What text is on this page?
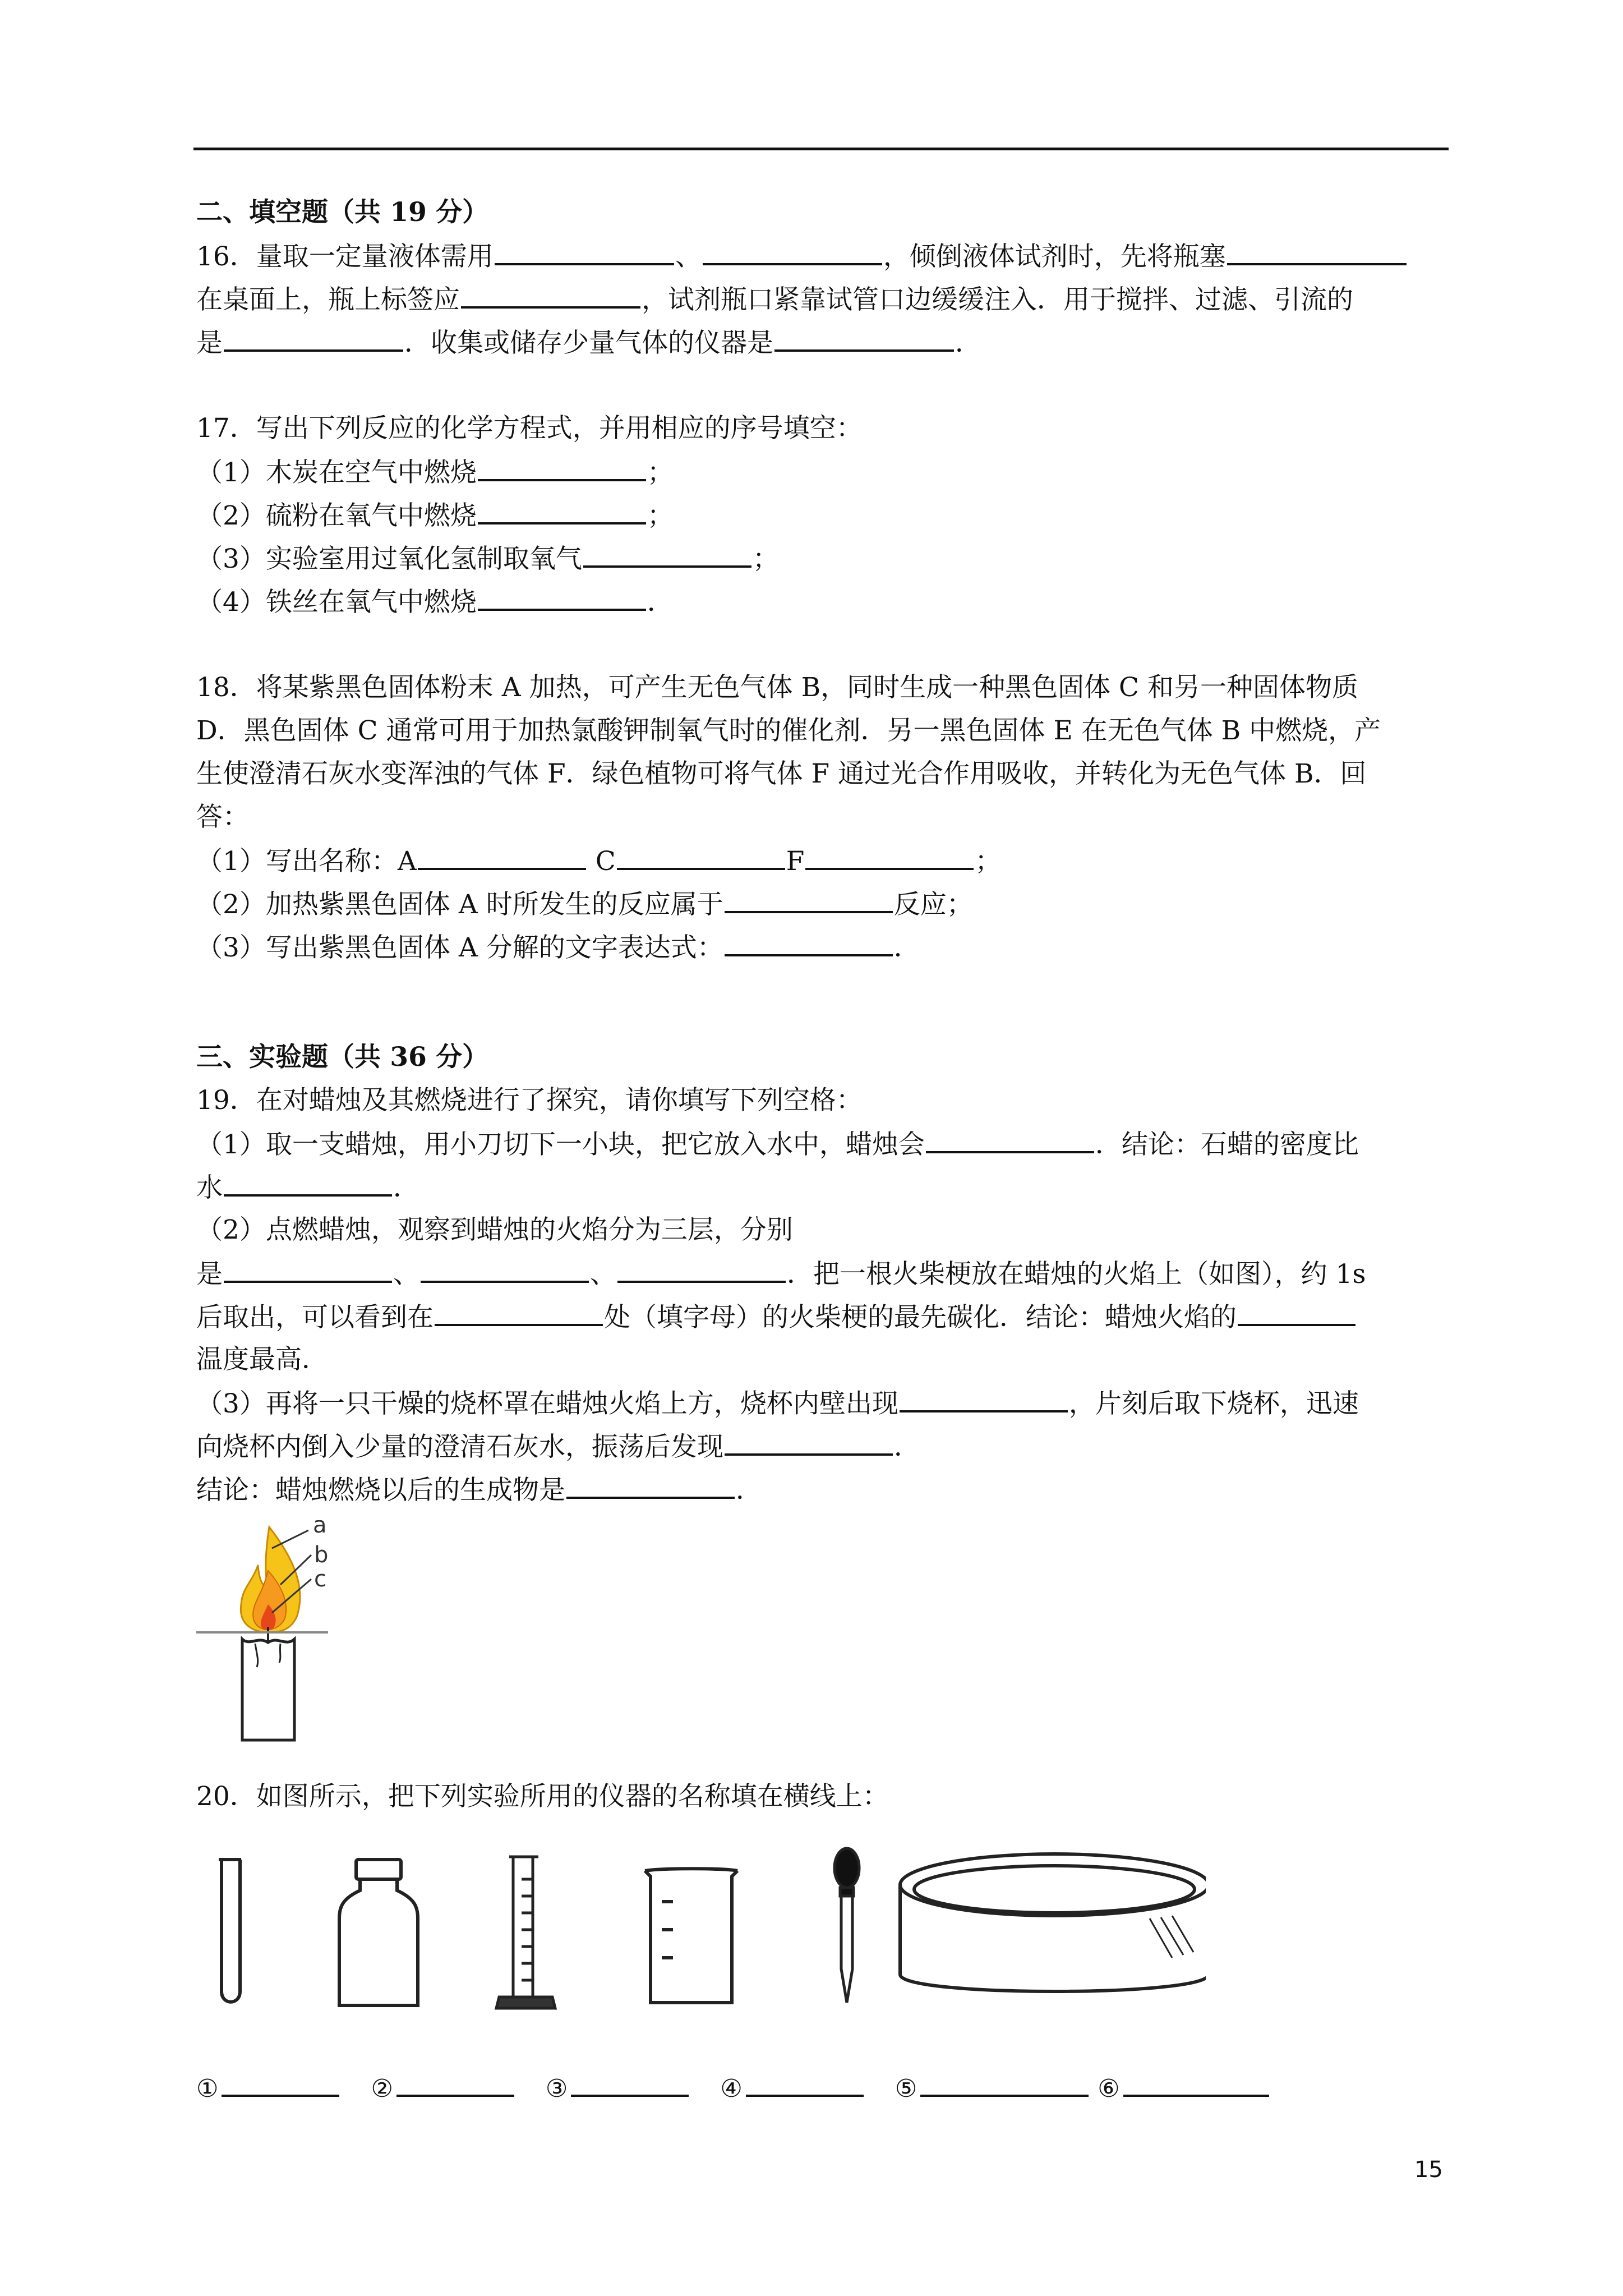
二、填空题（共 19 分）
16．量取一定量液体需用	、	，倾倒液体试剂时，先将瓶塞
在桌面上，瓶上标签应	，试剂瓶口紧靠试管口边缓缓注入．用于搅拌、过滤、引流的
是	．收集或储存少量气体的仪器是	．
17．写出下列反应的化学方程式，并用相应的序号填空：
（1）木炭在空气中燃烧	；
（2）硫粉在氧气中燃烧	；
（3）实验室用过氧化氢制取氧气	；
（4）铁丝在氧气中燃烧	．
18．将某紫黑色固体粉末 A 加热，可产生无色气体 B，同时生成一种黑色固体 C 和另一种固体物质
D．黑色固体 C 通常可用于加热氯酸钾制氧气时的催化剂．另一黑色固体 E 在无色气体 B 中燃烧，产
生使澄清石灰水变浑浊的气体 F．绿色植物可将气体 F 通过光合作用吸收，并转化为无色气体 B．回
答：
（1）写出名称：A	C	F	；
（2）加热紫黑色固体 A 时所发生的反应属于	反应；
（3）写出紫黑色固体 A 分解的文字表达式：	．
三、实验题（共 36 分）
19．在对蜡烛及其燃烧进行了探究，请你填写下列空格：
（1）取一支蜡烛，用小刀切下一小块，把它放入水中，蜡烛会	．结论：石蜡的密度比
水	．
（2）点燃蜡烛，观察到蜡烛的火焰分为三层，分别
是	、	、	．把一根火柴梗放在蜡烛的火焰上（如图），约 1s
后取出，可以看到在	处（填字母）的火柴梗的最先碳化．结论：蜡烛火焰的
温度最高．
（3）再将一只干燥的烧杯罩在蜡烛火焰上方，烧杯内壁出现	，片刻后取下烧杯，迅速
向烧杯内倒入少量的澄清石灰水，振荡后发现	．
结论：蜡烛燃烧以后的生成物是	．
a
b
c
20．如图所示，把下列实验所用的仪器的名称填在横线上：
①	②	③	④	⑤	⑥
15
